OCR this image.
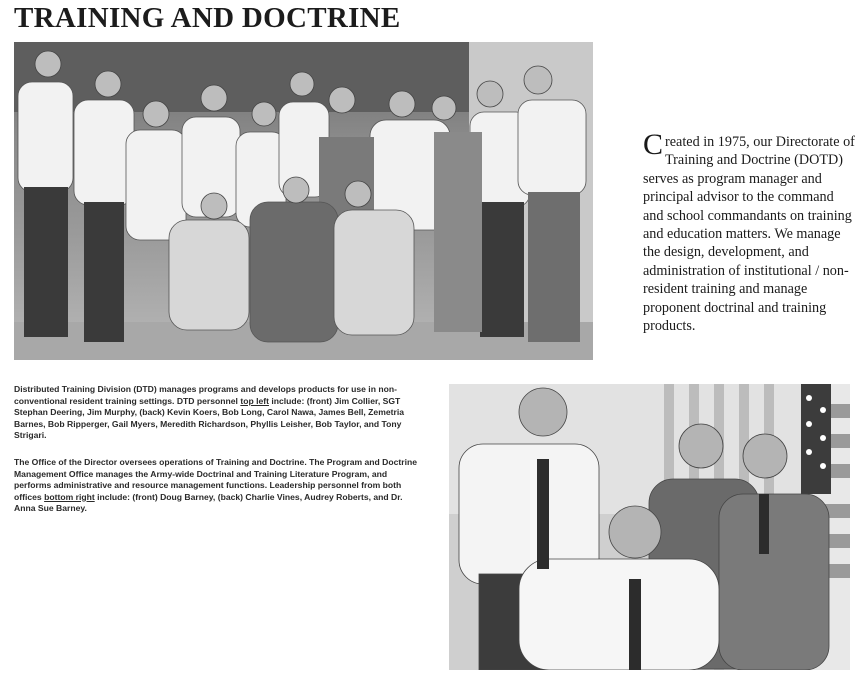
TRAINING AND DOCTRINE

Created in 1975, our Directorate of Training and Doctrine (DOTD) serves as program manager and principal advisor to the command and school commandants on training and education matters. We manage the design, development, and administration of institutional / non-resident training and manage proponent doctrinal and training products.

Distributed Training Division (DTD) manages programs and develops products for use in non-conventional resident training settings. DTD personnel top left include: (front) Jim Collier, SGT Stephan Deering, Jim Murphy, (back) Kevin Koers, Bob Long, Carol Nawa, James Bell, Zemetria Barnes, Bob Ripperger, Gail Myers, Meredith Richardson, Phyllis Leisher, Bob Taylor, and Tony Strigari.

The Office of the Director oversees operations of Training and Doctrine. The Program and Doctrine Management Office manages the Army-wide Doctrinal and Training Literature Program, and performs administrative and resource management functions. Leadership personnel from both offices bottom right include: (front) Doug Barney, (back) Charlie Vines, Audrey Roberts, and Dr. Anna Sue Barney.
